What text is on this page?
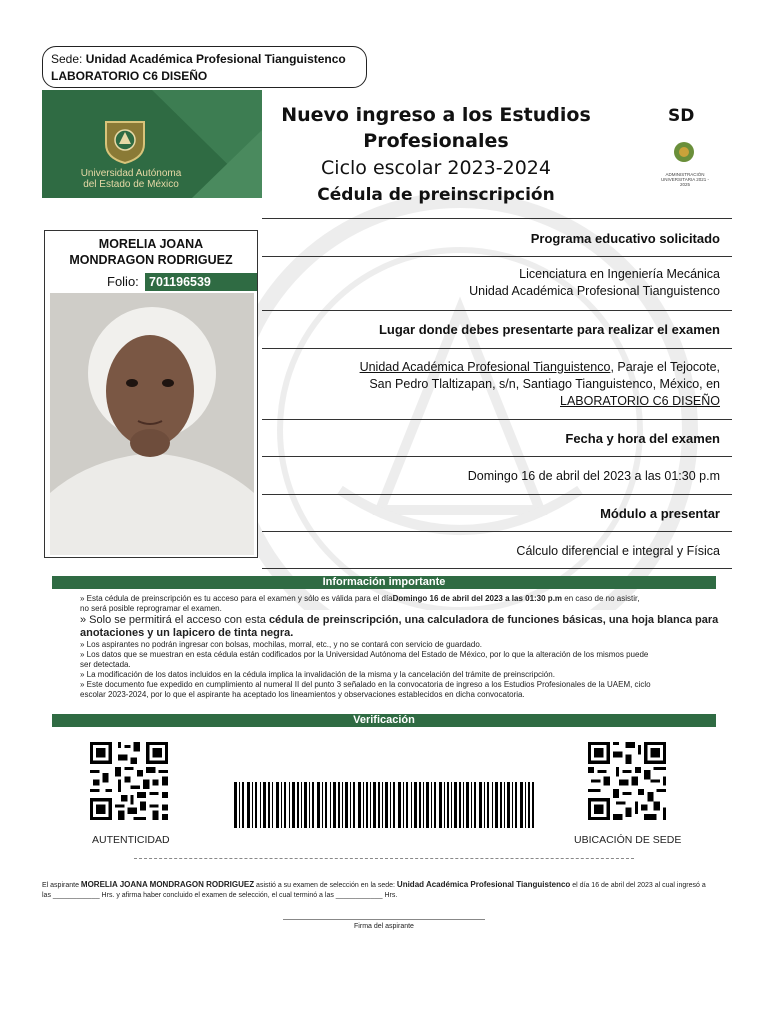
Sede: Unidad Académica Profesional Tianguistenco
LABORATORIO C6 DISEÑO
Universidad Autónoma
del Estado de México
Nuevo ingreso a los Estudios Profesionales
Ciclo escolar 2023-2024
Cédula de preinscripción
SD
ADMINISTRACIÓN UNIVERSITARIA 2021 - 2025
MORELIA JOANA
MONDRAGON RODRIGUEZ
Folio: 701196539
Programa educativo solicitado
Licenciatura en Ingeniería Mecánica
Unidad Académica Profesional Tianguistenco
Lugar donde debes presentarte para realizar el examen
Unidad Académica Profesional Tianguistenco, Paraje el Tejocote,
San Pedro Tlaltizapan, s/n, Santiago Tianguistenco, México, en
LABORATORIO C6 DISEÑO
Fecha y hora del examen
Domingo 16 de abril del 2023 a las 01:30 p.m
Módulo a presentar
Cálculo diferencial e integral y Física
Información importante

» Esta cédula de preinscripción es tu acceso para el examen y sólo es válida para el díaDomingo 16 de abril del 2023 a las 01:30 p.m en caso de no asistir,

no será posible reprogramar el examen.

» Solo se permitirá el acceso con esta cédula de preinscripción, una calculadora de funciones básicas, una hoja blanca para

anotaciones y un lapicero de tinta negra.

» Los aspirantes no podrán ingresar con bolsas, mochilas, morral, etc., y no se contará con servicio de guardado.

» Los datos que se muestran en esta cédula están codificados por la Universidad Autónoma del Estado de México, por lo que la alteración de los mismos puede

ser detectada.

» La modificación de los datos incluidos en la cédula implica la invalidación de la misma y la cancelación del trámite de preinscripción.

» Este documento fue expedido en cumplimiento al numeral II del punto 3 señalado en la convocatoria de ingreso a los Estudios Profesionales de la UAEM, ciclo

escolar 2023-2024, por lo que el aspirante ha aceptado los lineamientos y observaciones establecidos en dicha convocatoria.

Verificación
AUTENTICIDAD	UBICACIÓN DE SEDE
El aspirante MORELIA JOANA MONDRAGON RODRIGUEZ asistió a su examen de selección en la sede: Unidad Académica Profesional Tianguistenco el día 16 de abril del 2023 al cual ingresó a
las ____________ Hrs. y afirma haber concluido el examen de selección, el cual terminó a las ____________ Hrs.
Firma del aspirante
